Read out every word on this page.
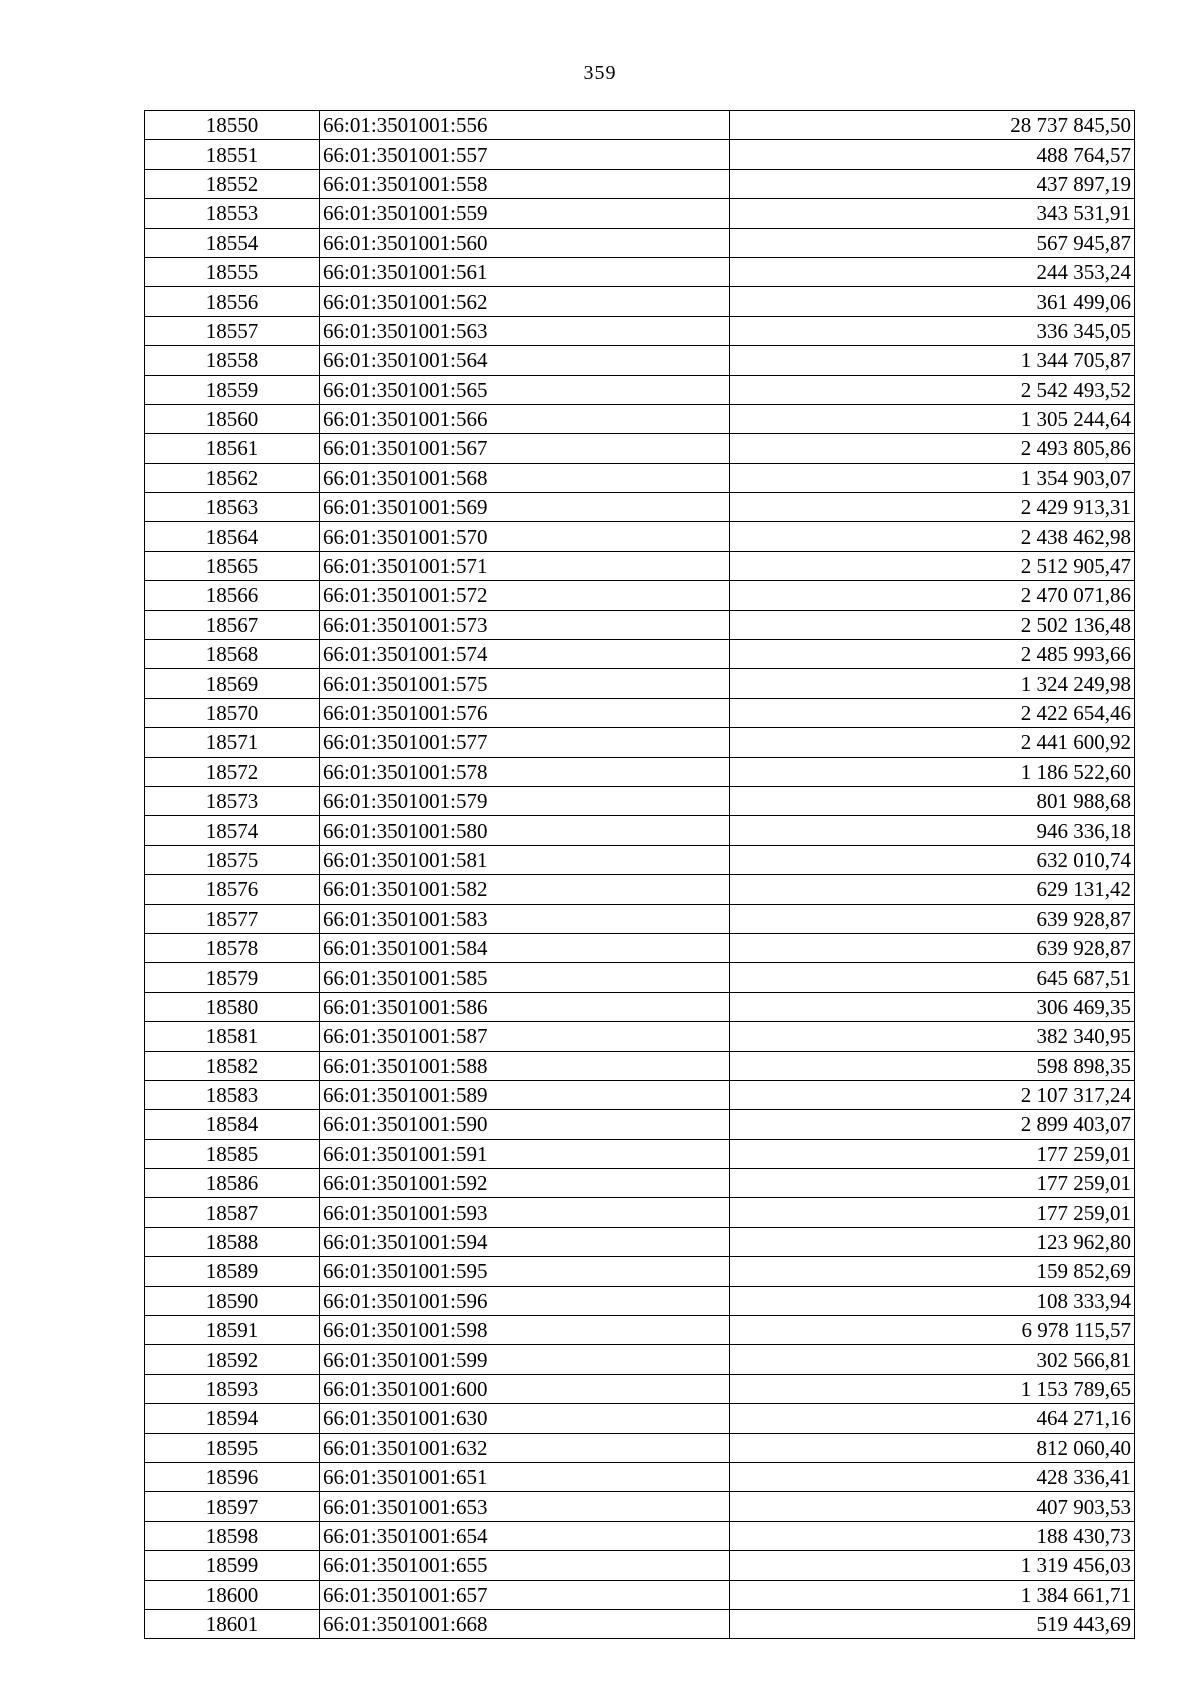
359
18550	66:01:3501001:556	28 737 845,50
18551	66:01:3501001:557	488 764,57
18552	66:01:3501001:558	437 897,19
18553	66:01:3501001:559	343 531,91
18554	66:01:3501001:560	567 945,87
18555	66:01:3501001:561	244 353,24
18556	66:01:3501001:562	361 499,06
18557	66:01:3501001:563	336 345,05
18558	66:01:3501001:564	1 344 705,87
18559	66:01:3501001:565	2 542 493,52
18560	66:01:3501001:566	1 305 244,64
18561	66:01:3501001:567	2 493 805,86
18562	66:01:3501001:568	1 354 903,07
18563	66:01:3501001:569	2 429 913,31
18564	66:01:3501001:570	2 438 462,98
18565	66:01:3501001:571	2 512 905,47
18566	66:01:3501001:572	2 470 071,86
18567	66:01:3501001:573	2 502 136,48
18568	66:01:3501001:574	2 485 993,66
18569	66:01:3501001:575	1 324 249,98
18570	66:01:3501001:576	2 422 654,46
18571	66:01:3501001:577	2 441 600,92
18572	66:01:3501001:578	1 186 522,60
18573	66:01:3501001:579	801 988,68
18574	66:01:3501001:580	946 336,18
18575	66:01:3501001:581	632 010,74
18576	66:01:3501001:582	629 131,42
18577	66:01:3501001:583	639 928,87
18578	66:01:3501001:584	639 928,87
18579	66:01:3501001:585	645 687,51
18580	66:01:3501001:586	306 469,35
18581	66:01:3501001:587	382 340,95
18582	66:01:3501001:588	598 898,35
18583	66:01:3501001:589	2 107 317,24
18584	66:01:3501001:590	2 899 403,07
18585	66:01:3501001:591	177 259,01
18586	66:01:3501001:592	177 259,01
18587	66:01:3501001:593	177 259,01
18588	66:01:3501001:594	123 962,80
18589	66:01:3501001:595	159 852,69
18590	66:01:3501001:596	108 333,94
18591	66:01:3501001:598	6 978 115,57
18592	66:01:3501001:599	302 566,81
18593	66:01:3501001:600	1 153 789,65
18594	66:01:3501001:630	464 271,16
18595	66:01:3501001:632	812 060,40
18596	66:01:3501001:651	428 336,41
18597	66:01:3501001:653	407 903,53
18598	66:01:3501001:654	188 430,73
18599	66:01:3501001:655	1 319 456,03
18600	66:01:3501001:657	1 384 661,71
18601	66:01:3501001:668	519 443,69
